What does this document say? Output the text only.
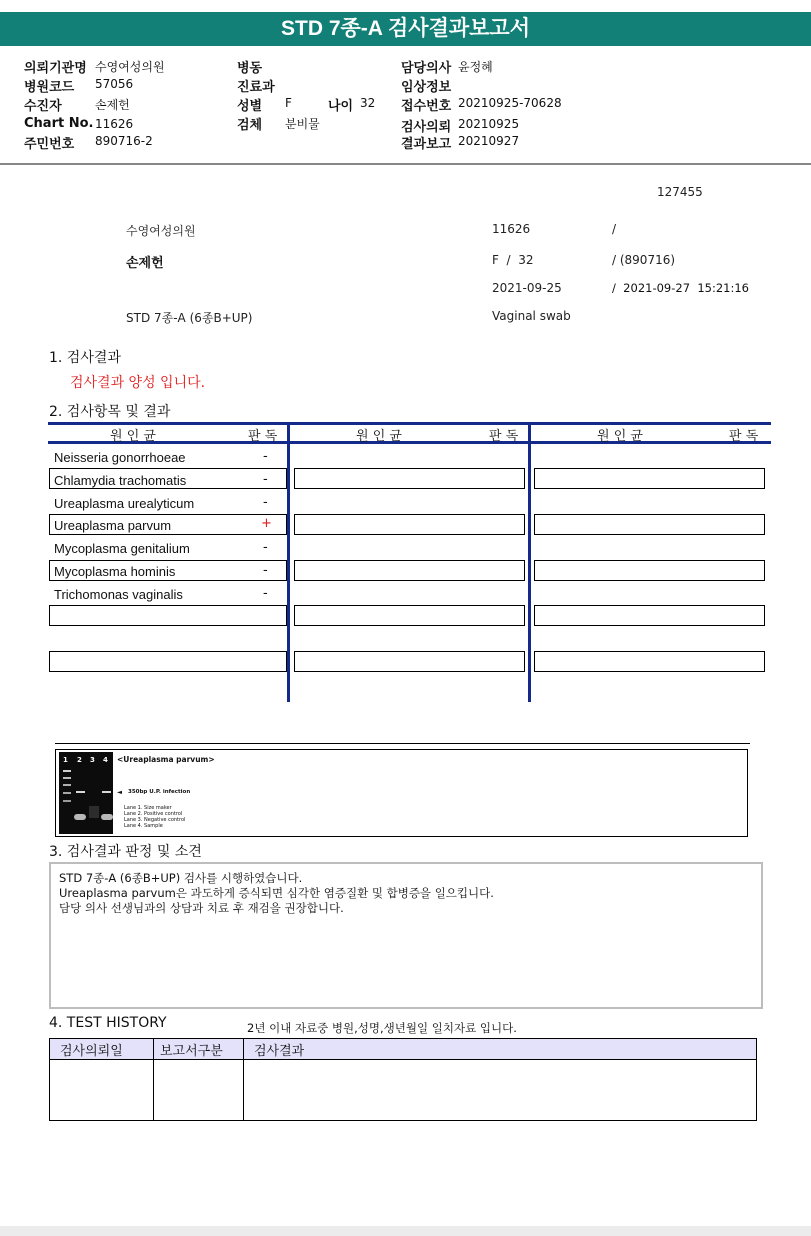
STD 7종-A 검사결과보고서
의뢰기관명 수영여성의원
병원코드 57056
수진자	손제헌
Chart No. 11626
주민번호 890716-2
병동
진료과
성별 F	나이 32
검체 분비물
담당의사 윤정혜
임상정보
접수번호 20210925-70628
검사의뢰 20210925
결과보고 20210927
127455
수영여성의원	11626	/
손제헌	F  /  32	/ (890716)
2021-09-25	/  2021-09-27  15:21:16
STD 7종-A (6종B+UP)	Vaginal swab
1. 검사결과
검사결과 양성 입니다.
2. 검사항목 및 결과
원 인 균	판 독	원 인 균	판 독	원 인 균	판 독
Neisseria gonorrhoeae	-
Chlamydia trachomatis	-
Ureaplasma urealyticum	-
Ureaplasma parvum	+
Mycoplasma genitalium	-
Mycoplasma hominis	-
Trichomonas vaginalis	-
1 2 3 4 <Ureaplasma parvum>
◄ 350bp U.P. infection
Lane 1. Size maker
Lane 2. Positive control
Lane 3. Negative control
Lane 4. Sample
3. 검사결과 판정 및 소견
STD 7종-A (6종B+UP) 검사를 시행하였습니다.
Ureaplasma parvum은 과도하게 증식되면 심각한 염증질환 및 합병증을 일으킵니다.
담당 의사 선생님과의 상담과 치료 후 재검을 권장합니다.
4. TEST HISTORY	2년 이내 자료중 병원,성명,생년월일 일치자료 입니다.
검사의뢰일	보고서구분	검사결과
